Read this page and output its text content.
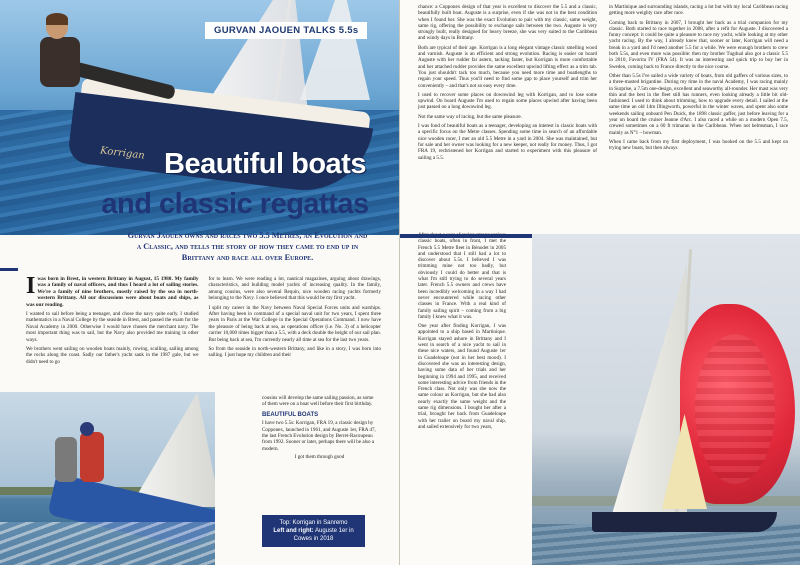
Korrigan
GURVAN JAOUEN TALKS 5.5s
Beautiful boats
and classic regattas
Gurvan Jaouen owns and races two 5.5 Metres, an Evolution and a Classic, and tells the story of how they came to end up in Brittany and race all over Europe.

Iwas born in Brest, in western Brittany in August, 15 1980. My family was a family of naval officers, and thus I heard a lot of sailing stories. We're a family of nine brothers, mostly raised by the sea in north-western Brittany. All our discussions were about boats and ships, as was our reading.

I wanted to sail before being a teenager, and chose the navy quite early. I studied mathematics in a Naval College by the seaside in Brest, and passed the exam for the Naval Academy in 2000. Otherwise I would have chosen the merchant navy. The most important thing was to sail, but the Navy also provided me training in other ways.

We brothers went sailing on wooden boats mainly, rowing, sculling, sailing among the rocks along the coast. Sadly our father's yacht sank in the 1987 gale, but we didn't need to go

for to learn. We were reading a lot, nautical magazines, arguing about drawings, characteristics, and building model yachts of increasing quality. In the family, among cousins, were also several Requin, nice wooden racing yachts formerly belonging to the Navy. I once believed that this would be my first yacht.

I split my career in the Navy between Naval Special Forces units and warships. After having been in command of a special naval unit for two years, I spent three years in Paris at the War College in the Special Operations Command. I now have the pleasure of being back at sea, as operations officer (i.e. No. 3) of a helicopter carrier 10,000 times bigger than a 5.5, with a deck double the height of our sail plan. But being back at sea, I'm currently nearly all time at sea for the last two years.

So from the seaside in north-western Brittany, and like in a story, I was born into sailing. I just hope my children and their

cousins will develop the same sailing passion, as some of them were on a boat well before their first birthday.

BEAUTIFUL BOATS

I have two 5.5s: Korrigan, FRA 19, a classic design by Copponex, launched in 1961, and Auguste 1er, FRA 47, the last French Evolution design by Berret-Racoupeau from 1992. Sooner or later, perhaps there will be also a modern.

I got them through good

Top: Korrigan in Sanremo
Left and right: Auguste 1er in Cowes in 2018

chance: a Copponex design of that year is excellent to discover the 5.5 and a classic, beautifully built boat. Auguste is a surprise, even if she was not in the best condition when I found her. She was the exact Evolution to pair with my classic, same weight, same rig, offering the possibility to exchange sails between the two. Auguste is very strongly built, really designed for heavy breeze, she was very suited to the Caribbean and windy days in Brittany.

Both are typical of their age. Korrigan is a long elegant vintage classic smelling wood and varnish. Auguste is an efficient and strong evolution. Racing is easier on board Auguste with her rudder far astern, tacking faster, but Korrigan is more comfortable and her attached rudder provides the same excellent upwind lifting effect as a trim tab. You just shouldn't tack too much, because you need more time and boatlengths to regain your speed. Thus you'll need to find some gap to place yourself and trim her conveniently – and that's not so easy every time.

I used to recover some places on downwind leg with Korrigan, and to lose some upwind. On board Auguste I'm used to regain some places upwind after having been just passed on a long downwind leg.

Not the same way of racing, but the same pleasure.

I was fond of beautiful boats as a teenager, developing an interest in classic boats with a specific focus on the Metre classes. Spending some time in search of an affordable nice wooden racer, I met an old 5.5 Metre in a yard in 2004. She was maintained, but for sale and her owner was looking for a new keeper, not really for money. Thus, I got FRA 19, rechristened her Korrigan and started to experiment with this pleasure of sailing a 5.5.

in Martinique and surrounding islands, racing a lot but with my local Caribbean racing getting more weighty race after race.

Coming back to Brittany in 2007, I brought her back as a trial companion for my classic. Both started to race together in 2008, after a refit for Auguste. I discovered a funny concept: it could be quite a pleasure to race my yacht, while looking at my other yacht racing. By the way, I already knew that, sooner or later, Korrigan will need a break in a yard and I'd need another 5.5 for a while. We were enough brothers to crew both 5.5s, and even more was possible: then my brother Tugdual also got a classic 5.5 in 2010, Favorita IV (FRA 54). It was an interesting and quick trip to buy her in Sweden, coming back to France directly to the nice course.

Other than 5.5s I've sailed a wide variety of boats, from old gaffers of various sizes, to a three-masted brigantine. During my time in the naval Academy, I was racing mainly in Surprise, a 7.5m one-design, excellent and seaworthy all-rounder. Her mast was very thin and the best in the fleet still has runners, even looking already a little bit old-fashioned. I used to think about trimming, how to upgrade every detail. I sailed at the same time an old 14m Illingworth, powerful in the winter waves, and spent also some weekends sailing onboard Pen Duick, the 1898 classic gaffer, just before leaving for a year on board the cruiser Jeanne d'Arc. I also raced a while on a modern Open 7.5, crewed sometimes on a 60 ft trimaran in the Caribbean. When not helmsman, I race mainly as N°1 – bowman.

When I came back from my first deployment, I was hooked on the 5.5 and kept on trying new boats, but then always

classic boats, often in front, I met the French 5.5 Metre fleet in Bénodet in 2005 and understood that I still had a lot to discover about 5.5s. I believed I was trimming mine not too badly, but obviously I could do better and that is what I'm still trying to do several years later. French 5.5 owners and crews have been incredibly welcoming in a way I had never encountered while racing other classes in France. With a real kind of family sailing spirit – coming from a big family I knew what it was.

One year after finding Korrigan, I was appointed to a ship based in Martinique. Korrigan stayed ashore in Brittany and I went in search of a nice yacht to sail in these nice waters, and found Auguste 1er in Guadeloupe (not in her best mood). I discovered she was an interesting design, having some data of her trials and her beginning in 1994 and 1995, and received some interesting advice from friends in the French class. Not only was she now the same colour as Korrigan, but she had also nearly exactly the same weight and the same rig dimensions. I bought her after a trial, brought her back from Guadeloupe with her trailer on board my naval ship, and sailed extensively for two years,
